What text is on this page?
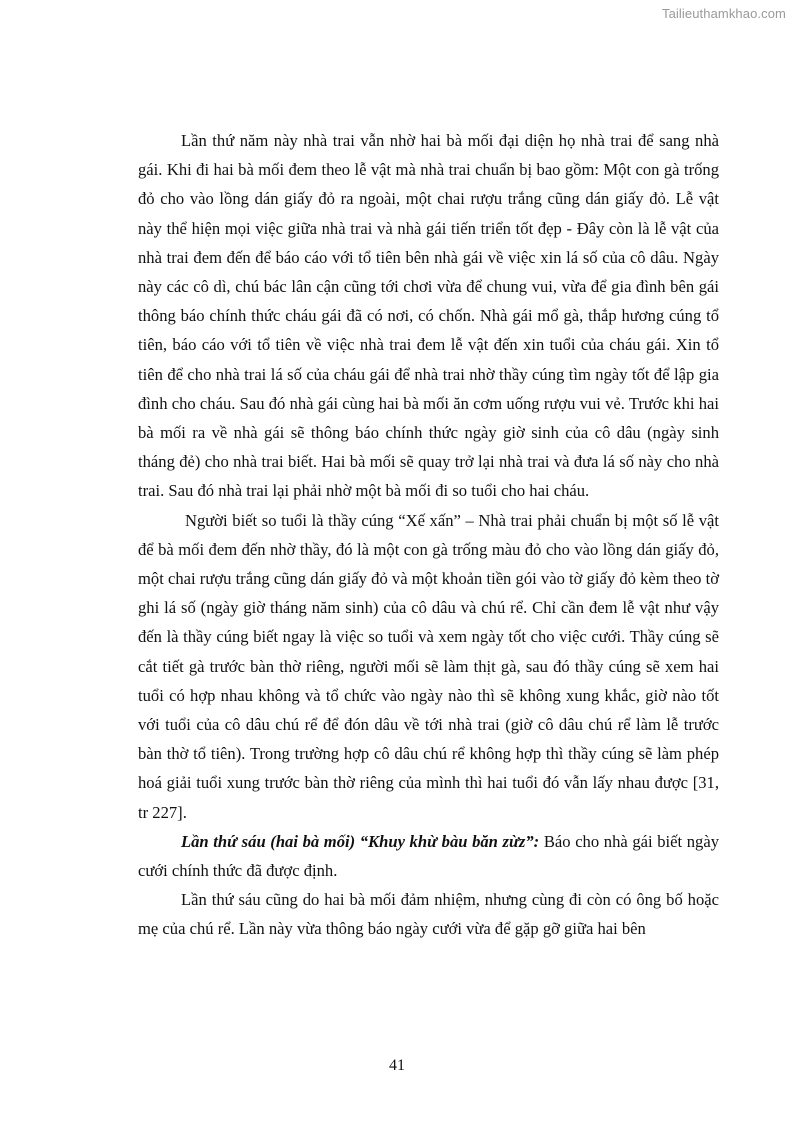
Tailieuthamkhao.com

Lần thứ năm này nhà trai vẫn nhờ hai bà mối đại diện họ nhà trai để sang nhà gái. Khi đi hai bà mối đem theo lễ vật mà nhà trai chuẩn bị bao gồm: Một con gà trống đỏ cho vào lồng dán giấy đỏ ra ngoài, một chai rượu trắng cũng dán giấy đỏ. Lễ vật này thể hiện mọi việc giữa nhà trai và nhà gái tiến triển tốt đẹp - Đây còn là lễ vật của nhà trai đem đến để báo cáo với tổ tiên bên nhà gái về việc xin lá số của cô dâu. Ngày này các cô dì, chú bác lân cận cũng tới chơi vừa để chung vui, vừa để gia đình bên gái thông báo chính thức cháu gái đã có nơi, có chốn. Nhà gái mổ gà, thắp hương cúng tổ tiên, báo cáo với tổ tiên về việc nhà trai đem lễ vật đến xin tuổi của cháu gái. Xin tổ tiên để cho nhà trai lá số của cháu gái để nhà trai nhờ thầy cúng tìm ngày tốt để lập gia đình cho cháu. Sau đó nhà gái cùng hai bà mối ăn cơm uống rượu vui vẻ. Trước khi hai bà mối ra về nhà gái sẽ thông báo chính thức ngày giờ sinh của cô dâu (ngày sinh tháng đẻ) cho nhà trai biết. Hai bà mối sẽ quay trở lại nhà trai và đưa lá số này cho nhà trai. Sau đó nhà trai lại phải nhờ một bà mối đi so tuổi cho hai cháu.

Người biết so tuổi là thầy cúng “Xế xấn” – Nhà trai phải chuẩn bị một số lễ vật để bà mối đem đến nhờ thầy, đó là một con gà trống màu đỏ cho vào lồng dán giấy đỏ, một chai rượu trắng cũng dán giấy đỏ và một khoản tiền gói vào tờ giấy đỏ kèm theo tờ ghi lá số (ngày giờ tháng năm sinh) của cô dâu và chú rể. Chỉ cần đem lễ vật như vậy đến là thầy cúng biết ngay là việc so tuổi và xem ngày tốt cho việc cưới. Thầy cúng sẽ cắt tiết gà trước bàn thờ riêng, người mối sẽ làm thịt gà, sau đó thầy cúng sẽ xem hai tuổi có hợp nhau không và tổ chức vào ngày nào thì sẽ không xung khắc, giờ nào tốt với tuổi của cô dâu chú rể để đón dâu về tới nhà trai (giờ cô dâu chú rể làm lễ trước bàn thờ tổ tiên). Trong trường hợp cô dâu chú rể không hợp thì thầy cúng sẽ làm phép hoá giải tuổi xung trước bàn thờ riêng của mình thì hai tuổi đó vẫn lấy nhau được [31, tr 227].

Lần thứ sáu (hai bà mối) “Khuy khừ bàu băn zừz”: Báo cho nhà gái biết ngày cưới chính thức đã được định.

Lần thứ sáu cũng do hai bà mối đảm nhiệm, nhưng cùng đi còn có ông bố hoặc mẹ của chú rể. Lần này vừa thông báo ngày cưới vừa để gặp gỡ giữa hai bên

41
